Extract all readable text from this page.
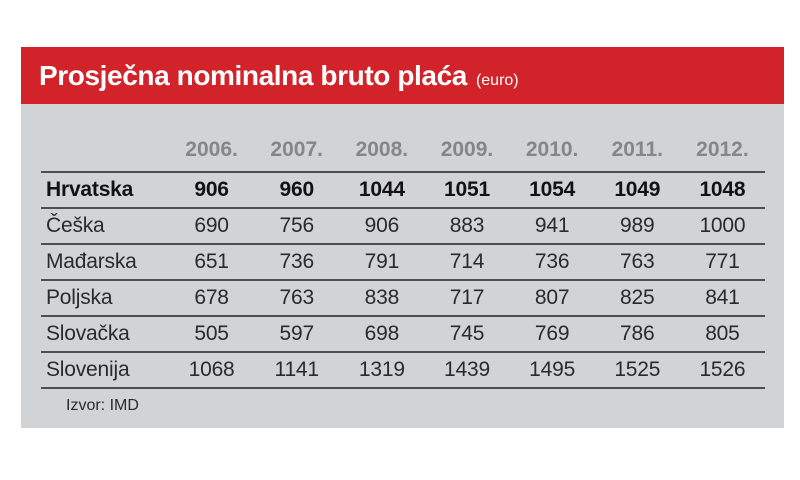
Prosječna nominalna bruto plaća (euro)
	2006.	2007.	2008.	2009.	2010.	2011.	2012.
Hrvatska	906	960	1044	1051	1054	1049	1048
Češka	690	756	906	883	941	989	1000
Mađarska	651	736	791	714	736	763	771
Poljska	678	763	838	717	807	825	841
Slovačka	505	597	698	745	769	786	805
Slovenija	1068	1141	1319	1439	1495	1525	1526
Izvor: IMD
